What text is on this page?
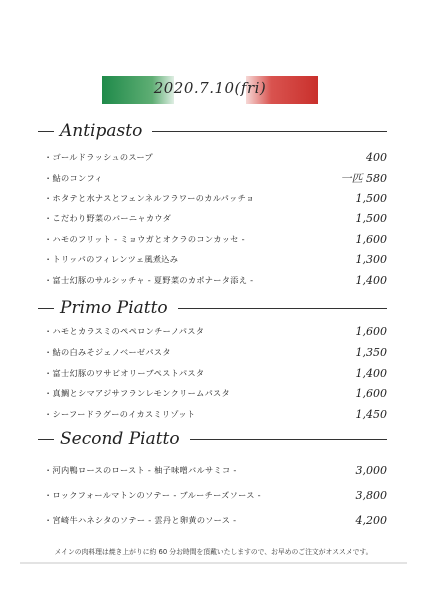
2020.7.10(fri)
Antipasto
・ゴールドラッシュのスープ	400
・鮎のコンフィ	一匹 580
・ホタテと水ナスとフェンネルフラワーのカルパッチョ	1,500
・こだわり野菜のバーニャカウダ	1,500
・ハモのフリット - ミョウガとオクラのコンカッセ -	1,600
・トリッパのフィレンツェ風煮込み	1,300
・富士幻豚のサルシッチャ - 夏野菜のカポナータ添え -	1,400
Primo Piatto
・ハモとカラスミのペペロンチーノパスタ	1,600
・鮎の白みそジェノベーゼパスタ	1,350
・富士幻豚のワサビオリーブペストパスタ	1,400
・真鯛とシマアジサフランレモンクリームパスタ	1,600
・シーフードラグーのイカスミリゾット	1,450
Second Piatto
・河内鴨ロースのロースト - 柚子味噌バルサミコ -	3,000
・ロックフォールマトンのソテー - ブルーチーズソース -	3,800
・宮崎牛ハネシタのソテー - 雲丹と卵黄のソース -	4,200
メインの肉料理は焼き上がりに約 60 分お時間を頂戴いたしますので、お早めのご注文がオススメです。
